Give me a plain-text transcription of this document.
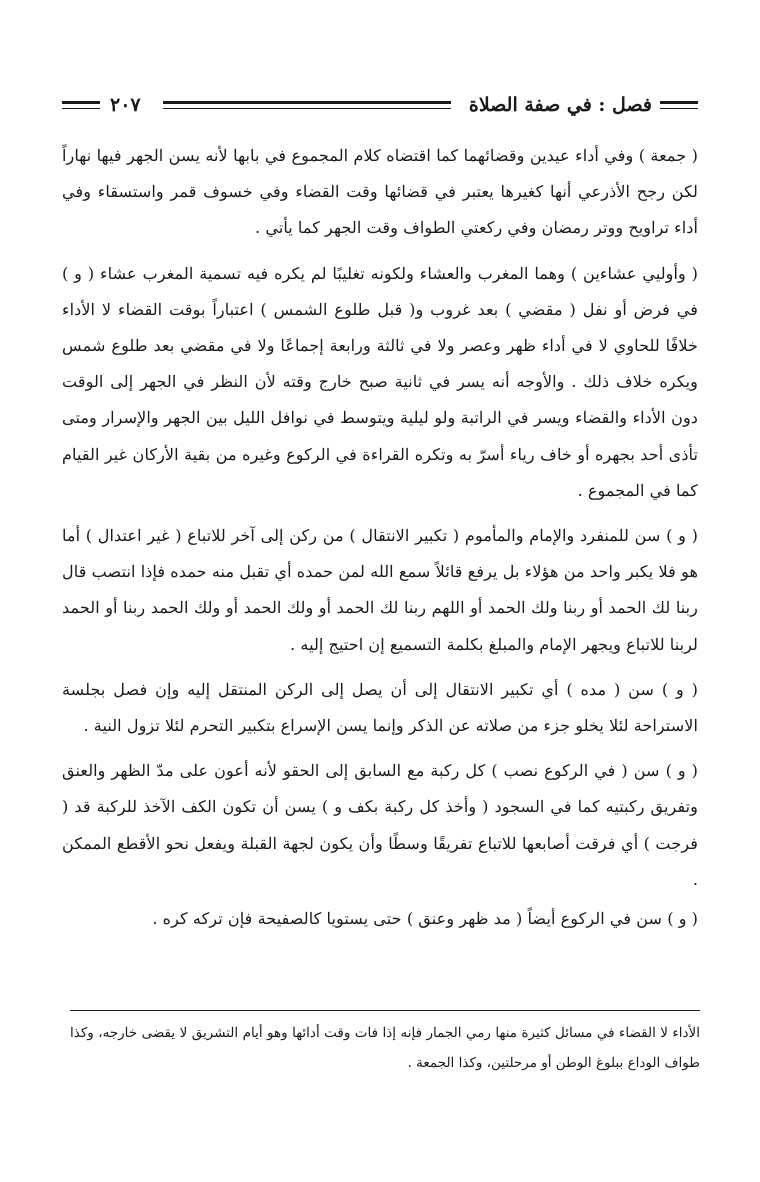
فصل : في صفة الصلاة
٢٠٧

( جمعة ) وفي أداء عيدين وقضائهما كما اقتضاه كلام المجموع في بابها لأنه يسن الجهر فيها نهاراً لكن رجح الأذرعي أنها كغيرها يعتبر في قضائها وقت القضاء وفي خسوف قمر واستسقاء وفي أداء تراويح ووتر رمضان وفي ركعتي الطواف وقت الجهر كما يأتي .

( وأوليي عشاءين ) وهما المغرب والعشاء ولكونه تغليبًا لم يكره فيه تسمية المغرب عشاء ( و ) في فرض أو نفل ( مقضي ) بعد غروب و( قبل طلوع الشمس ) اعتباراً بوقت القضاء لا الأداء خلافًا للحاوي لا في أداء ظهر وعصر ولا في ثالثة ورابعة إجماعًا ولا في مقضي بعد طلوع شمس ويكره خلاف ذلك . والأوجه أنه يسر في ثانية صبح خارج وقته لأن النظر في الجهر إلى الوقت دون الأداء والقضاء ويسر في الراتبة ولو ليلية ويتوسط في نوافل الليل بين الجهر والإسرار ومتى تأذى أحد بجهره أو خاف رياء أسرّ به وتكره القراءة في الركوع وغيره من بقية الأركان غير القيام كما في المجموع .

( و ) سن للمنفرد والإمام والمأموم ( تكبير الانتقال ) من ركن إلى آخر للاتباع ( غير اعتدال ) أما هو فلا يكبر واحد من هؤلاء بل يرفع قائلاً سمع الله لمن حمده أي تقبل منه حمده فإذا انتصب قال ربنا لك الحمد أو ربنا ولك الحمد أو اللهم ربنا لك الحمد أو ولك الحمد أو ولك الحمد ربنا أو الحمد لربنا للاتباع ويجهر الإمام والمبلغ بكلمة التسميع إن احتيج إليه .

( و ) سن ( مده ) أي تكبير الانتقال إلى أن يصل إلى الركن المنتقل إليه وإن فصل بجلسة الاستراحة لئلا يخلو جزء من صلاته عن الذكر وإنما يسن الإسراع بتكبير التحرم لئلا تزول النية .

( و ) سن ( في الركوع نصب ) كل ركبة مع السابق إلى الحقو لأنه أعون على مدّ الظهر والعنق وتفريق ركبتيه كما في السجود ( وأخذ كل ركبة بكف و ) يسن أن تكون الكف الآخذ للركبة قد ( فرجت ) أي فرقت أصابعها للاتباع تفريقًا وسطًا وأن يكون لجهة القبلة ويفعل نحو الأقطع الممكن .

( و ) سن في الركوع أيضاً ( مد ظهر وعنق ) حتى يستويا كالصفيحة فإن تركه كره .

الأداء لا القضاء في مسائل كثيرة منها رمي الجمار فإنه إذا فات وقت أدائها وهو أيام التشريق لا يقضى خارجه، وكذا طواف الوداع ببلوغ الوطن أو مرحلتين، وكذا الجمعة .
